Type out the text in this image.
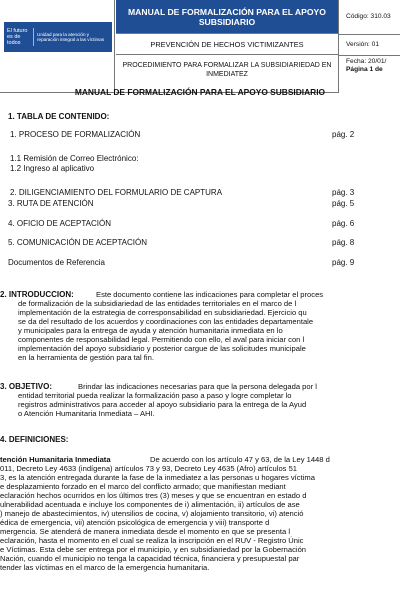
El futuro es de todos
Unidad para la atención y reparación integral a las víctimas
MANUAL DE FORMALIZACIÓN PARA EL APOYO SUBSIDIARIO
PREVENCIÓN DE HECHOS VICTIMIZANTES
PROCEDIMIENTO PARA FORMALIZAR LA SUBSIDIARIEDAD EN INMEDIATEZ
Código: 310.03
Versión: 01
Fecha: 20/01/
Página 1 de
MANUAL DE FORMALIZACIÓN PARA EL APOYO SUBSIDIARIO
1. TABLA DE CONTENIDO:
1. PROCESO DE FORMALIZACIÓN	pág. 2
1.1 Remisión de Correo Electrónico:
1.2 Ingreso al aplicativo
2. DILIGENCIAMIENTO DEL FORMULARIO DE CAPTURA	pág. 3
3. RUTA DE ATENCIÓN	pág. 5
4. OFICIO DE ACEPTACIÓN	pág. 6
5. COMUNICACIÓN DE ACEPTACIÓN	pág. 8
Documentos de Referencia	pág. 9
2. INTRODUCCION:	Este documento contiene las indicaciones para completar el proces
de formalización de la subsidiariedad de las entidades territoriales en el marco de l
implementación de la estrategia de corresponsabilidad en subsidiariedad. Ejercicio qu
se da del resultado de los acuerdos y coordinaciones con las entidades departamentale
y municipales para la entrega de ayuda y atención humanitaria inmediata en lo
componentes de responsabilidad legal. Permitiendo con ello, el aval para iniciar con l
implementación del apoyo subsidiario y posterior cargue de las solicitudes municipale
en la herramienta de gestión para tal fin.
3. OBJETIVO:	Brindar las indicaciones necesarias para que la persona delegada por l
entidad territorial pueda realizar la formalización paso a paso y logre completar lo
registros administrativos para acceder al apoyo subsidiario para la entrega de la Ayud
o Atención Humanitaria Inmediata – AHI.
4. DEFINICIONES:
tención Humanitaria Inmediata	De acuerdo con los artículo 47 y 63, de la Ley 1448 d
011, Decreto Ley 4633 (indígena) artículos 73 y 93, Decreto Ley 4635 (Afro) artículos 51
3, es la atención entregada durante la fase de la inmediatez a las personas u hogares víctima
e desplazamiento forzado en el marco del conflicto armado; que manifiestan mediant
eclaración hechos ocurridos en los últimos tres (3) meses y que se encuentran en estado d
ulnerabilidad acentuada e incluye los componentes de i) alimentación, ii) artículos de ase
) manejo de abastecimientos, iv) utensilios de cocina, v) alojamiento transitorio, vi) atenció
édica de emergencia, vii) atención psicológica de emergencia y viii) transporte d
mergencia. Se atenderá de manera inmediata desde el momento en que se presenta l
eclaración, hasta el momento en el cual se realiza la inscripción en el RUV - Registro Únic
e Víctimas. Esta debe ser entrega por el municipio, y en subsidiariedad por la Gobernación
Nación, cuando el municipio no tenga la capacidad técnica, financiera y presupuestal par
tender las víctimas en el marco de la emergencia humanitaria.
